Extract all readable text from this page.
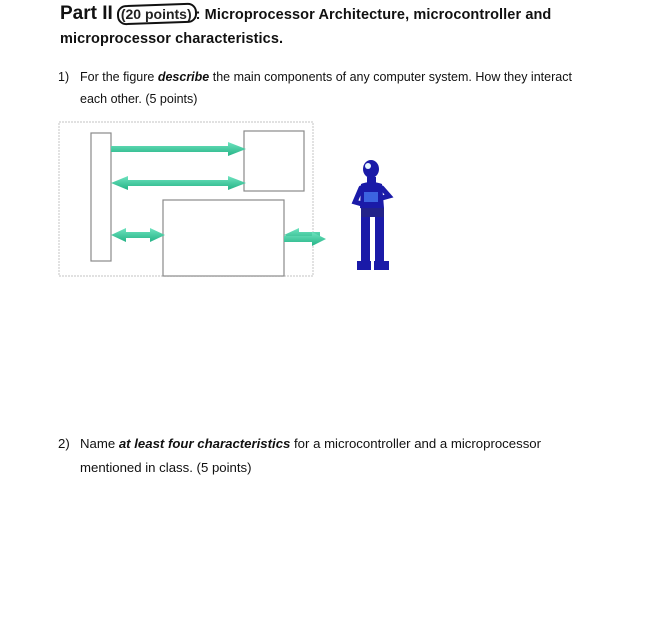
Part II (20 points) : Microprocessor Architecture, microcontroller and microprocessor characteristics.
1) For the figure describe the main components of any computer system. How they interact
each other. (5 points)
2) Name at least four characteristics for a microcontroller and a microprocessor
mentioned in class. (5 points)
